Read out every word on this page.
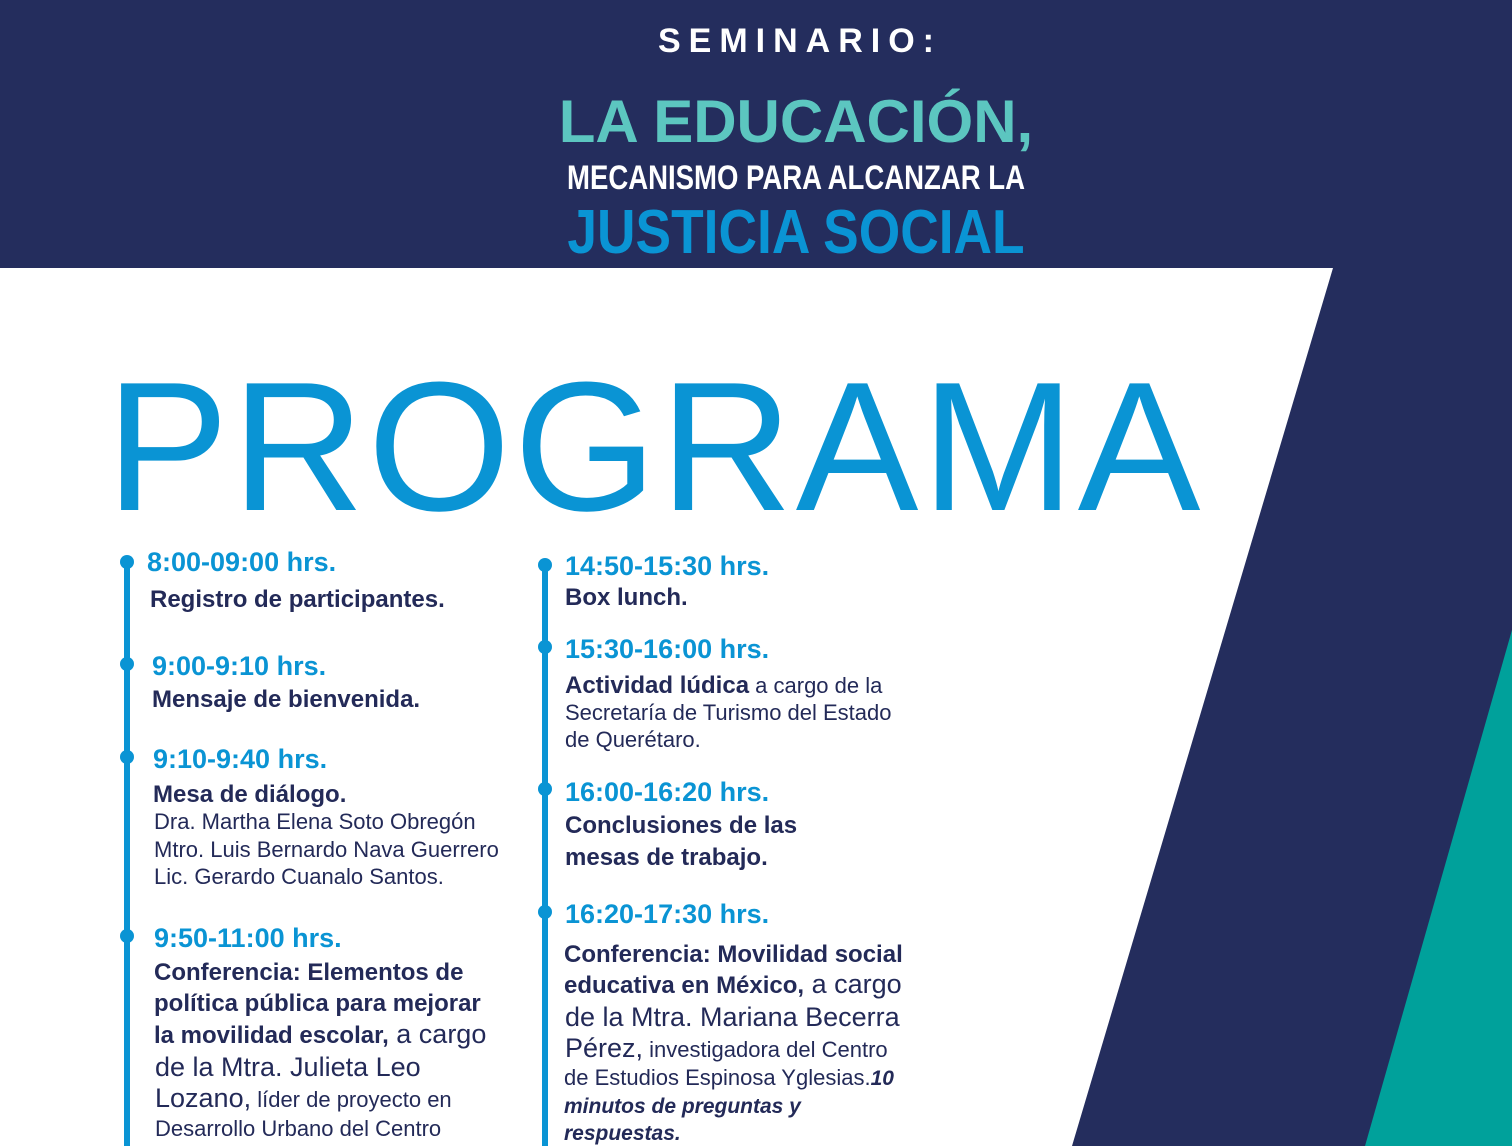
SEMINARIO:
LA EDUCACIÓN,
MECANISMO PARA ALCANZAR LA
JUSTICIA SOCIAL
PROGRAMA
8:00-09:00 hrs.
Registro de participantes.
9:00-9:10 hrs.
Mensaje de bienvenida.
9:10-9:40 hrs.
Mesa de diálogo.
Dra. Martha Elena Soto Obregón
Mtro. Luis Bernardo Nava Guerrero
Lic. Gerardo Cuanalo Santos.
9:50-11:00 hrs.
Conferencia: Elementos de
política pública para mejorar
la movilidad escolar, a cargo
de la Mtra. Julieta Leo
Lozano, líder de proyecto en
Desarrollo Urbano del Centro
14:50-15:30 hrs.
Box lunch.
15:30-16:00 hrs.
Actividad lúdica a cargo de la
Secretaría de Turismo del Estado
de Querétaro.
16:00-16:20 hrs.
Conclusiones de las
mesas de trabajo.
16:20-17:30 hrs.
Conferencia: Movilidad social
educativa en México, a cargo
de la Mtra. Mariana Becerra
Pérez, investigadora del Centro
de Estudios Espinosa Yglesias.10
minutos de preguntas y
respuestas.
